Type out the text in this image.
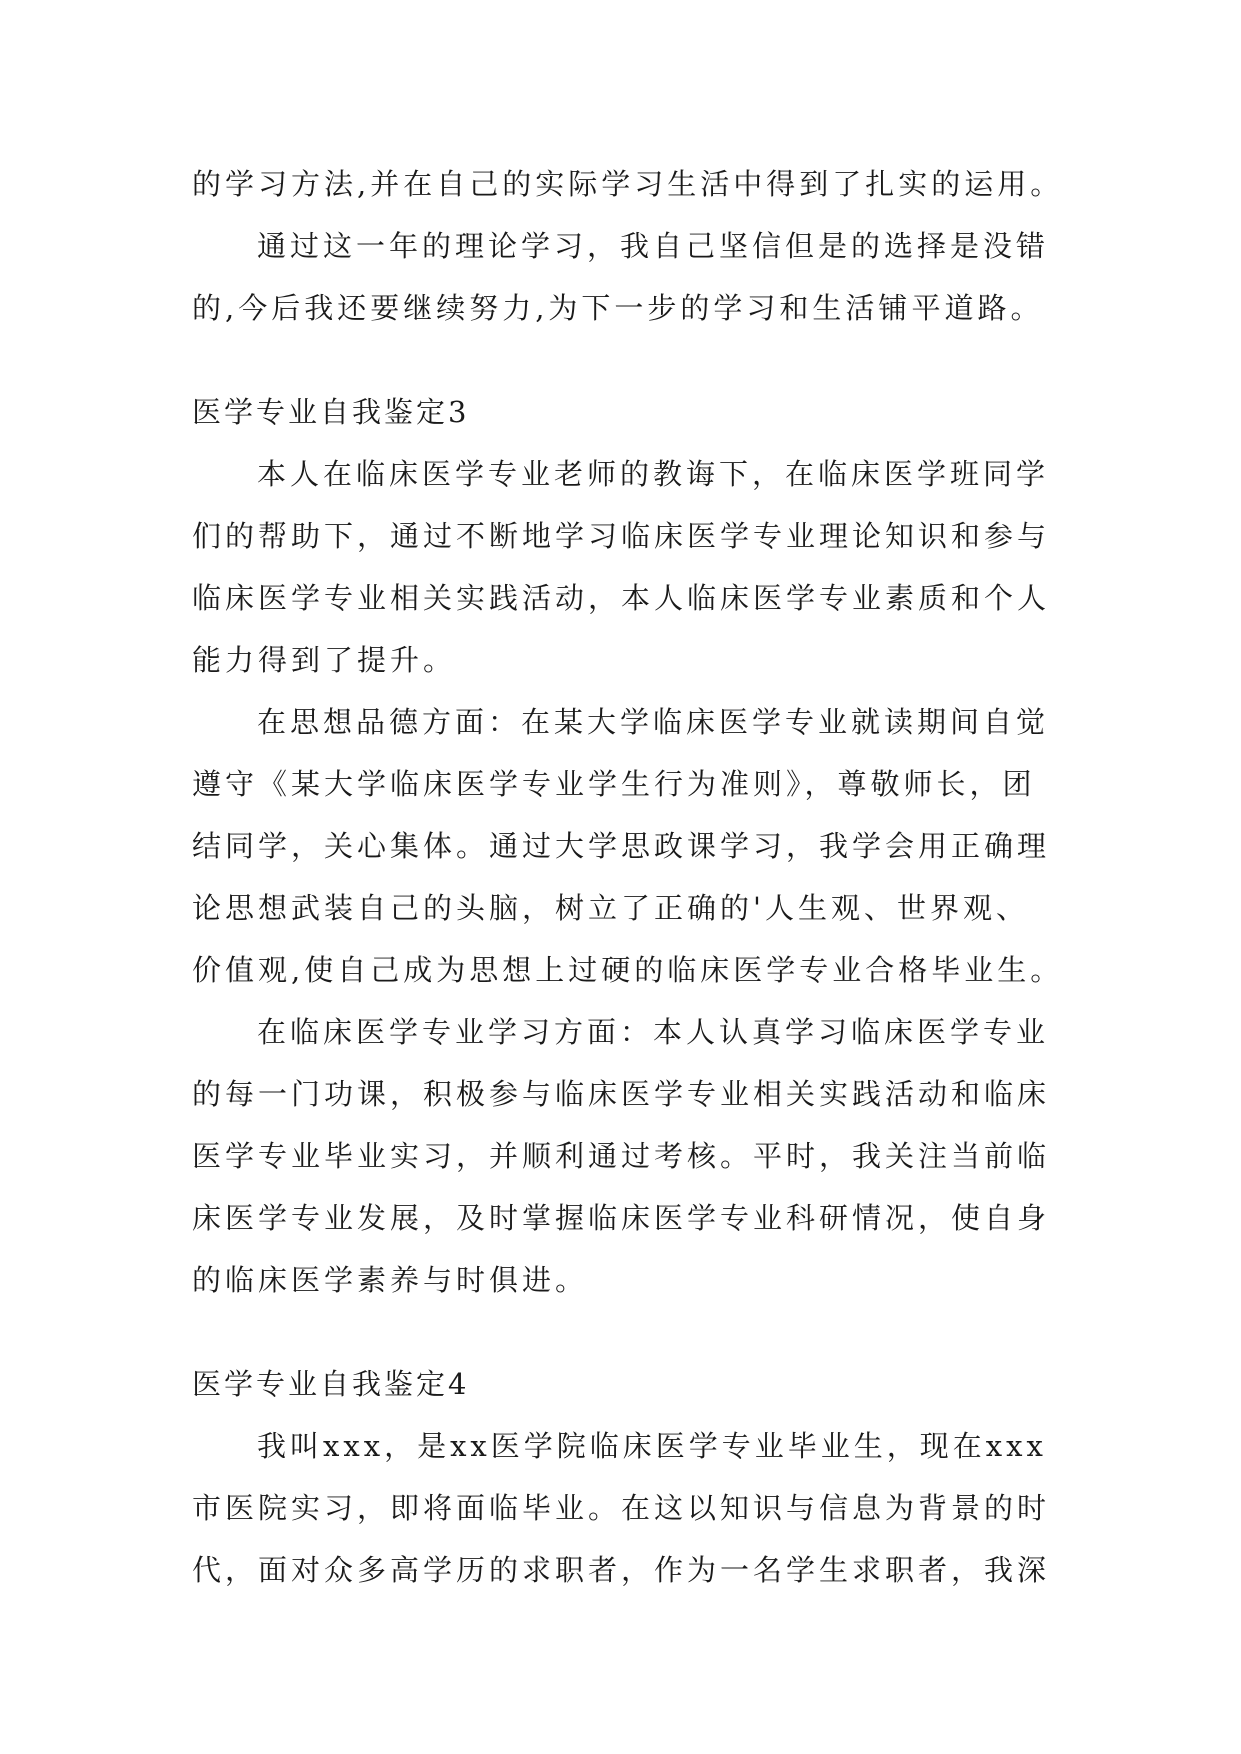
的学习方法,并在自己的实际学习生活中得到了扎实的运用。
通过这一年的理论学习，我自己坚信但是的选择是没错
的,今后我还要继续努力,为下一步的学习和生活铺平道路。
医学专业自我鉴定3
本人在临床医学专业老师的教诲下，在临床医学班同学
们的帮助下，通过不断地学习临床医学专业理论知识和参与
临床医学专业相关实践活动，本人临床医学专业素质和个人
能力得到了提升。
在思想品德方面：在某大学临床医学专业就读期间自觉
遵守《某大学临床医学专业学生行为准则》，尊敬师长，团
结同学，关心集体。通过大学思政课学习，我学会用正确理
论思想武装自己的头脑，树立了正确的'人生观、世界观、
价值观,使自己成为思想上过硬的临床医学专业合格毕业生。
在临床医学专业学习方面：本人认真学习临床医学专业
的每一门功课，积极参与临床医学专业相关实践活动和临床
医学专业毕业实习，并顺利通过考核。平时，我关注当前临
床医学专业发展，及时掌握临床医学专业科研情况，使自身
的临床医学素养与时俱进。
医学专业自我鉴定4
我叫xxx，是xx医学院临床医学专业毕业生，现在xxx
市医院实习，即将面临毕业。在这以知识与信息为背景的时
代，面对众多高学历的求职者，作为一名学生求职者，我深
